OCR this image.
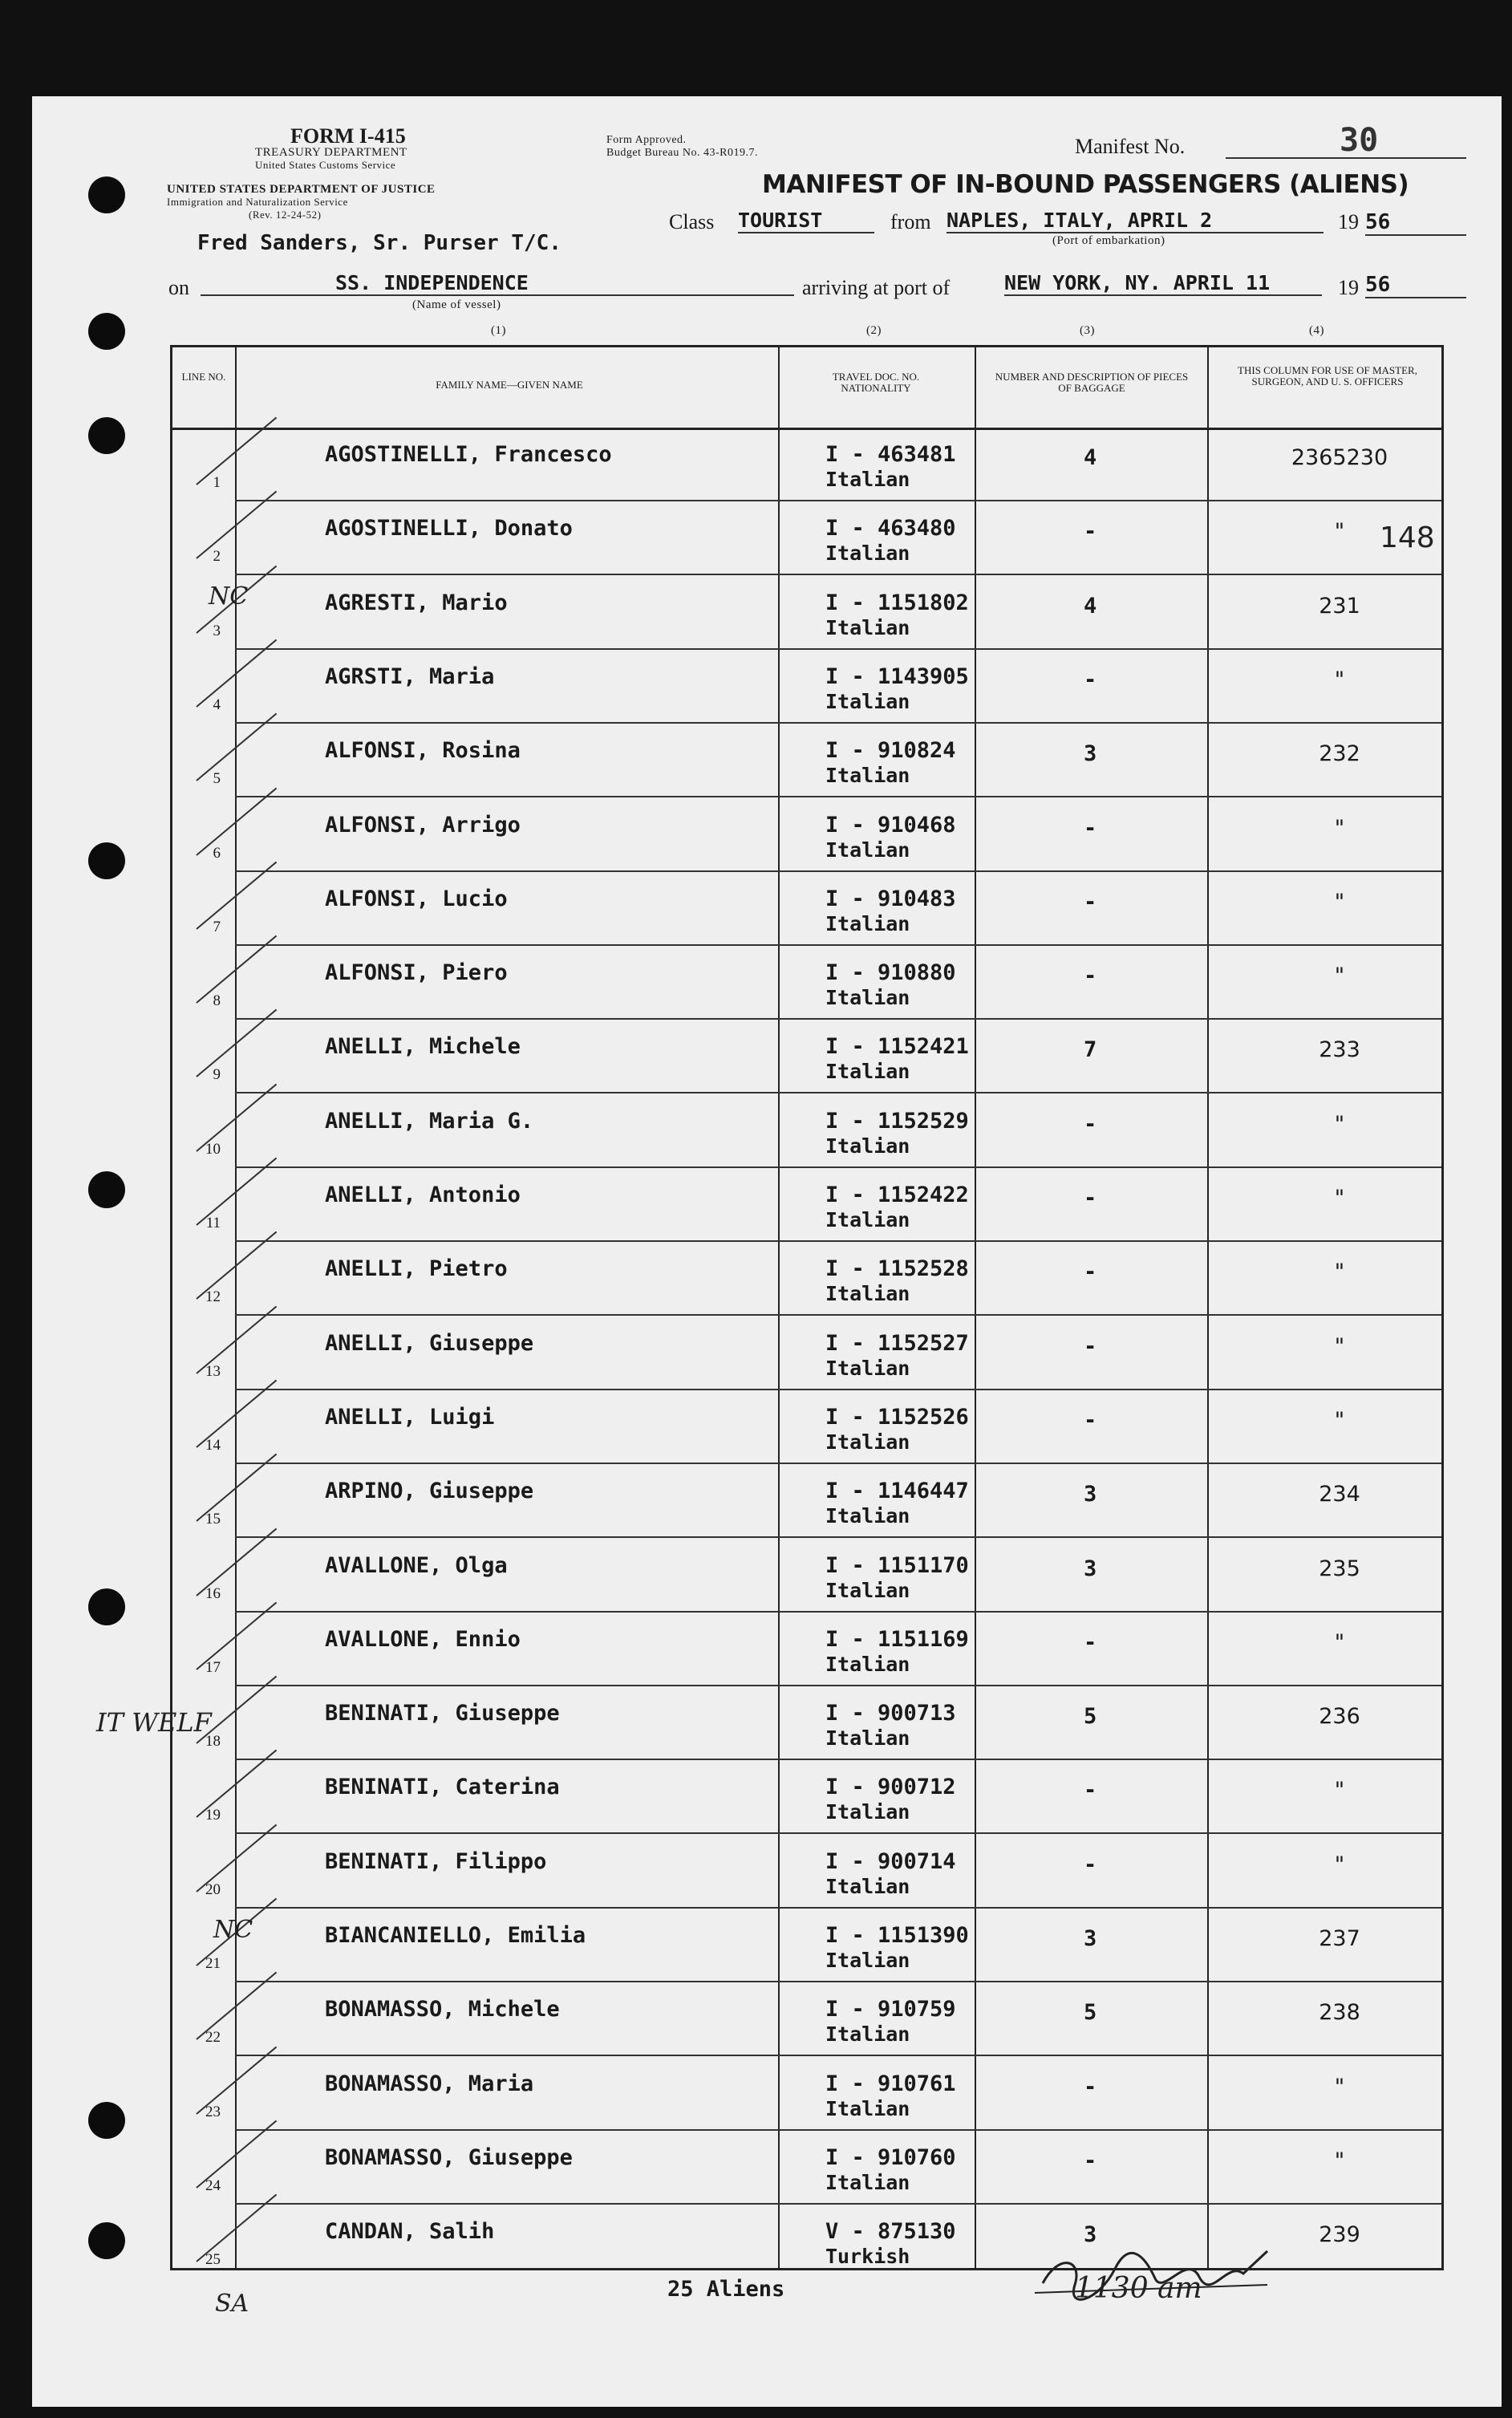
FORM I-415
TREASURY DEPARTMENT
United States Customs Service
UNITED STATES DEPARTMENT OF JUSTICE
Immigration and Naturalization Service
(Rev. 12-24-52)
Form Approved.
Budget Bureau No. 43-R019.7.	Manifest No.	30
MANIFEST OF IN-BOUND PASSENGERS (ALIENS)
Class TOURIST	from NAPLES, ITALY, APRIL 2	19 56
(Port of embarkation)
Fred Sanders, Sr. Purser T/C.
on	SS. INDEPENDENCE
(Name of vessel)
arriving at port of	NEW YORK, NY. APRIL 11	19 56
(1)	(2)	(3)	(4)
LINE NO.
FAMILY NAME—GIVEN NAME
TRAVEL DOC. NO. NATIONALITY
NUMBER AND DESCRIPTION OF PIECES OF BAGGAGE
THIS COLUMN FOR USE OF MASTER, SURGEON, AND U. S. OFFICERS
1
AGOSTINELLI, Francesco	I - 463481
Italian
4	2365230
2
AGOSTINELLI, Donato	I - 463480
Italian
-	"
3
AGRESTI, Mario	I - 1151802
Italian
4	231
4
AGRSTI, Maria	I - 1143905
Italian
-	"
5
ALFONSI, Rosina	I - 910824
Italian
3	232
6
ALFONSI, Arrigo	I - 910468
Italian
-	"
7
ALFONSI, Lucio	I - 910483
Italian
-	"
8
ALFONSI, Piero	I - 910880
Italian
-	"
9
ANELLI, Michele	I - 1152421
Italian
7	233
10
ANELLI, Maria G.	I - 1152529
Italian
-	"
11
ANELLI, Antonio	I - 1152422
Italian
-	"
12
ANELLI, Pietro	I - 1152528
Italian
-	"
13
ANELLI, Giuseppe	I - 1152527
Italian
-	"
14
ANELLI, Luigi	I - 1152526
Italian
-	"
15
ARPINO, Giuseppe	I - 1146447
Italian
3	234
16
AVALLONE, Olga	I - 1151170
Italian
3	235
17
AVALLONE, Ennio	I - 1151169
Italian
-	"
18
BENINATI, Giuseppe	I - 900713
Italian
5	236
19
BENINATI, Caterina	I - 900712
Italian
-	"
20
BENINATI, Filippo	I - 900714
Italian
-	"
21
BIANCANIELLO, Emilia	I - 1151390
Italian
3	237
22
BONAMASSO, Michele	I - 910759
Italian
5	238
23
BONAMASSO, Maria	I - 910761
Italian
-	"
24
BONAMASSO, Giuseppe	I - 910760
Italian
-	"
25
CANDAN, Salih	V - 875130
Turkish
3	239
148
NC
IT WELF
NC
SA
25 Aliens	1130 am
